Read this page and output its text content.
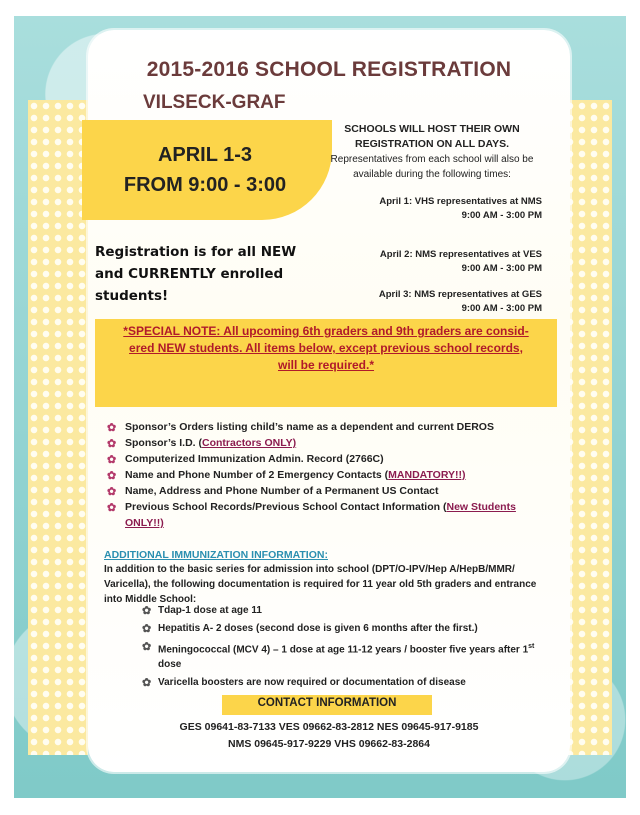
2015-2016 SCHOOL REGISTRATION
VILSECK-GRAF
APRIL 1-3
FROM 9:00 - 3:00
SCHOOLS WILL HOST THEIR OWN
REGISTRATION ON ALL DAYS.
Representatives from each school will also be
available during the following times:
April 1: VHS representatives at NMS
9:00 AM - 3:00 PM
April 2: NMS representatives at VES
9:00 AM - 3:00 PM
April 3: NMS representatives at GES
9:00 AM - 3:00 PM
Registration is for all NEW
and CURRENTLY enrolled
students!
*SPECIAL NOTE: All upcoming 6th graders and 9th graders are consid-
ered NEW students. All items below, except previous school records,
will be required.*
✿ Sponsor’s Orders listing child’s name as a dependent and current DEROS
✿ Sponsor’s I.D. (Contractors ONLY)
✿ Computerized Immunization Admin. Record (2766C)
✿ Name and Phone Number of 2 Emergency Contacts (MANDATORY!!)
✿ Name, Address and Phone Number of a Permanent US Contact
✿ Previous School Records/Previous School Contact Information (New Students ONLY!!)
ADDITIONAL IMMUNIZATION INFORMATION:
In addition to the basic series for admission into school (DPT/O-IPV/Hep A/HepB/MMR/ Varicella), the following documentation is required for 11 year old 5th graders and entrance into Middle School:
✿ Tdap-1 dose at age 11
✿ Hepatitis A- 2 doses (second dose is given 6 months after the first.)
✿ Meningococcal (MCV 4) – 1 dose at age 11-12 years / booster five years after 1st dose
✿ Varicella boosters are now required or documentation of disease
CONTACT INFORMATION
GES 09641-83-7133 VES 09662-83-2812 NES 09645-917-9185
NMS 09645-917-9229 VHS 09662-83-2864
